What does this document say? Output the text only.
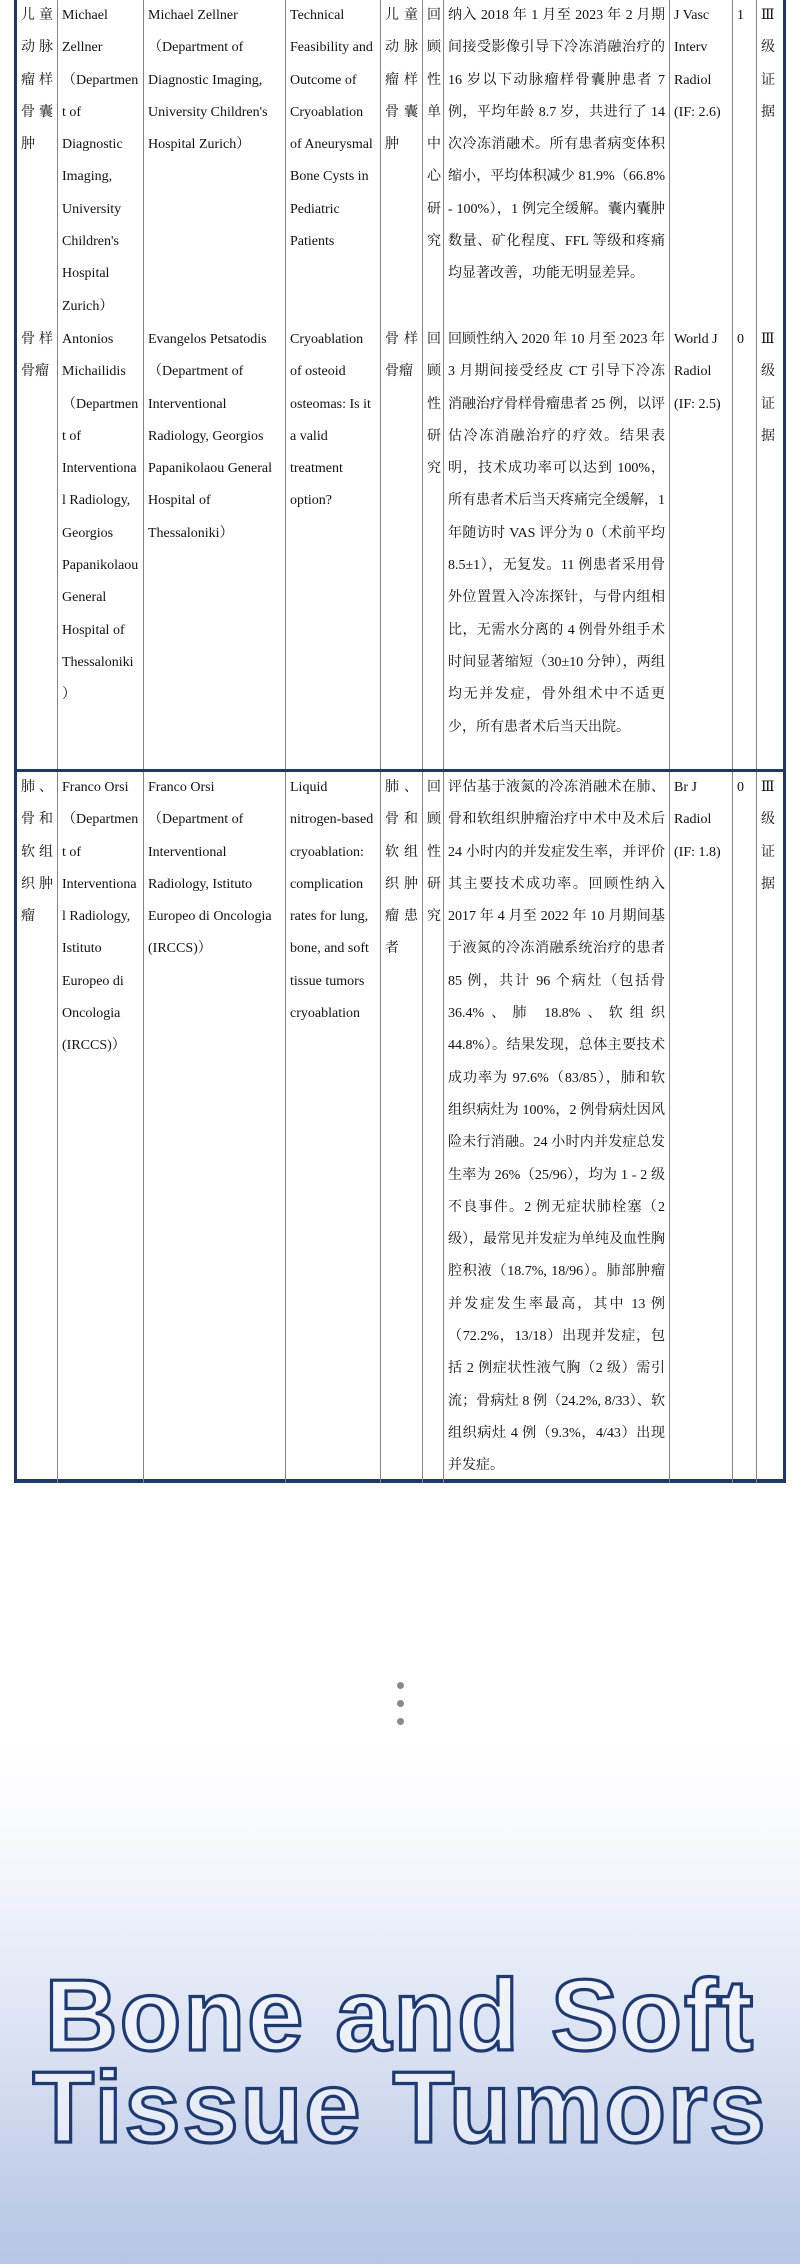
儿童动脉瘤样骨囊肿
骨样骨瘤
Michael Zellner（Department of Diagnostic Imaging, University Children's Hospital Zurich）
Antonios Michailidis（Department of Interventional Radiology, Georgios Papanikolaou General Hospital of Thessaloniki）
Michael Zellner（Department of Diagnostic Imaging, University Children's Hospital Zurich）
Evangelos Petsatodis（Department of Interventional Radiology, Georgios Papanikolaou General Hospital of Thessaloniki）
Technical Feasibility and Outcome of Cryoablation of Aneurysmal Bone Cysts in Pediatric Patients
Cryoablation of osteoid osteomas: Is it a valid treatment option?
儿童动脉瘤样骨囊肿
骨样骨瘤
回顾性单中心研究
回顾性研究
纳入 2018 年 1 月至 2023 年 2 月期间接受影像引导下冷冻消融治疗的 16 岁以下动脉瘤样骨囊肿患者 7 例，平均年龄 8.7 岁，共进行了 14 次冷冻消融术。所有患者病变体积缩小，平均体积减少 81.9%（66.8% - 100%），1 例完全缓解。囊内囊肿数量、矿化程度、FFL 等级和疼痛均显著改善，功能无明显差异。
回顾性纳入 2020 年 10 月至 2023 年 3 月期间接受经皮 CT 引导下冷冻消融治疗骨样骨瘤患者 25 例，以评估冷冻消融治疗的疗效。结果表明，技术成功率可以达到 100%，所有患者术后当天疼痛完全缓解，1 年随访时 VAS 评分为 0（术前平均 8.5±1），无复发。11 例患者采用骨外位置置入冷冻探针，与骨内组相比，无需水分离的 4 例骨外组手术时间显著缩短（30±10 分钟），两组均无并发症，骨外组术中不适更少，所有患者术后当天出院。
J Vasc Interv Radiol (IF: 2.6)
World J Radiol (IF: 2.5)
1
0
Ⅲ级证据
Ⅲ级证据
肺、骨和软组织肿瘤
Franco Orsi（Department of Interventional Radiology, Istituto Europeo di Oncologia (IRCCS)）
Franco Orsi（Department of Interventional Radiology, Istituto Europeo di Oncologia (IRCCS)）
Liquid nitrogen-based cryoablation: complication rates for lung, bone, and soft tissue tumors cryoablation
肺、骨和软组织肿瘤患者
回顾性研究
评估基于液氮的冷冻消融术在肺、骨和软组织肿瘤治疗中术中及术后 24 小时内的并发症发生率，并评价其主要技术成功率。回顾性纳入 2017 年 4 月至 2022 年 10 月期间基于液氮的冷冻消融系统治疗的患者 85 例，共计 96 个病灶（包括骨 36.4%、肺 18.8%、软组织 44.8%）。结果发现，总体主要技术成功率为 97.6%（83/85），肺和软组织病灶为 100%，2 例骨病灶因风险未行消融。24 小时内并发症总发生率为 26%（25/96），均为 1 - 2 级不良事件。2 例无症状肺栓塞（2 级），最常见并发症为单纯及血性胸腔积液（18.7%, 18/96）。肺部肿瘤并发症发生率最高，其中 13 例（72.2%，13/18）出现并发症，包括 2 例症状性液气胸（2 级）需引流；骨病灶 8 例（24.2%, 8/33）、软组织病灶 4 例（9.3%，4/43）出现并发症。
Br J Radiol (IF: 1.8)
0	Ⅲ级证据
Bone and Soft
Tissue Tumors
